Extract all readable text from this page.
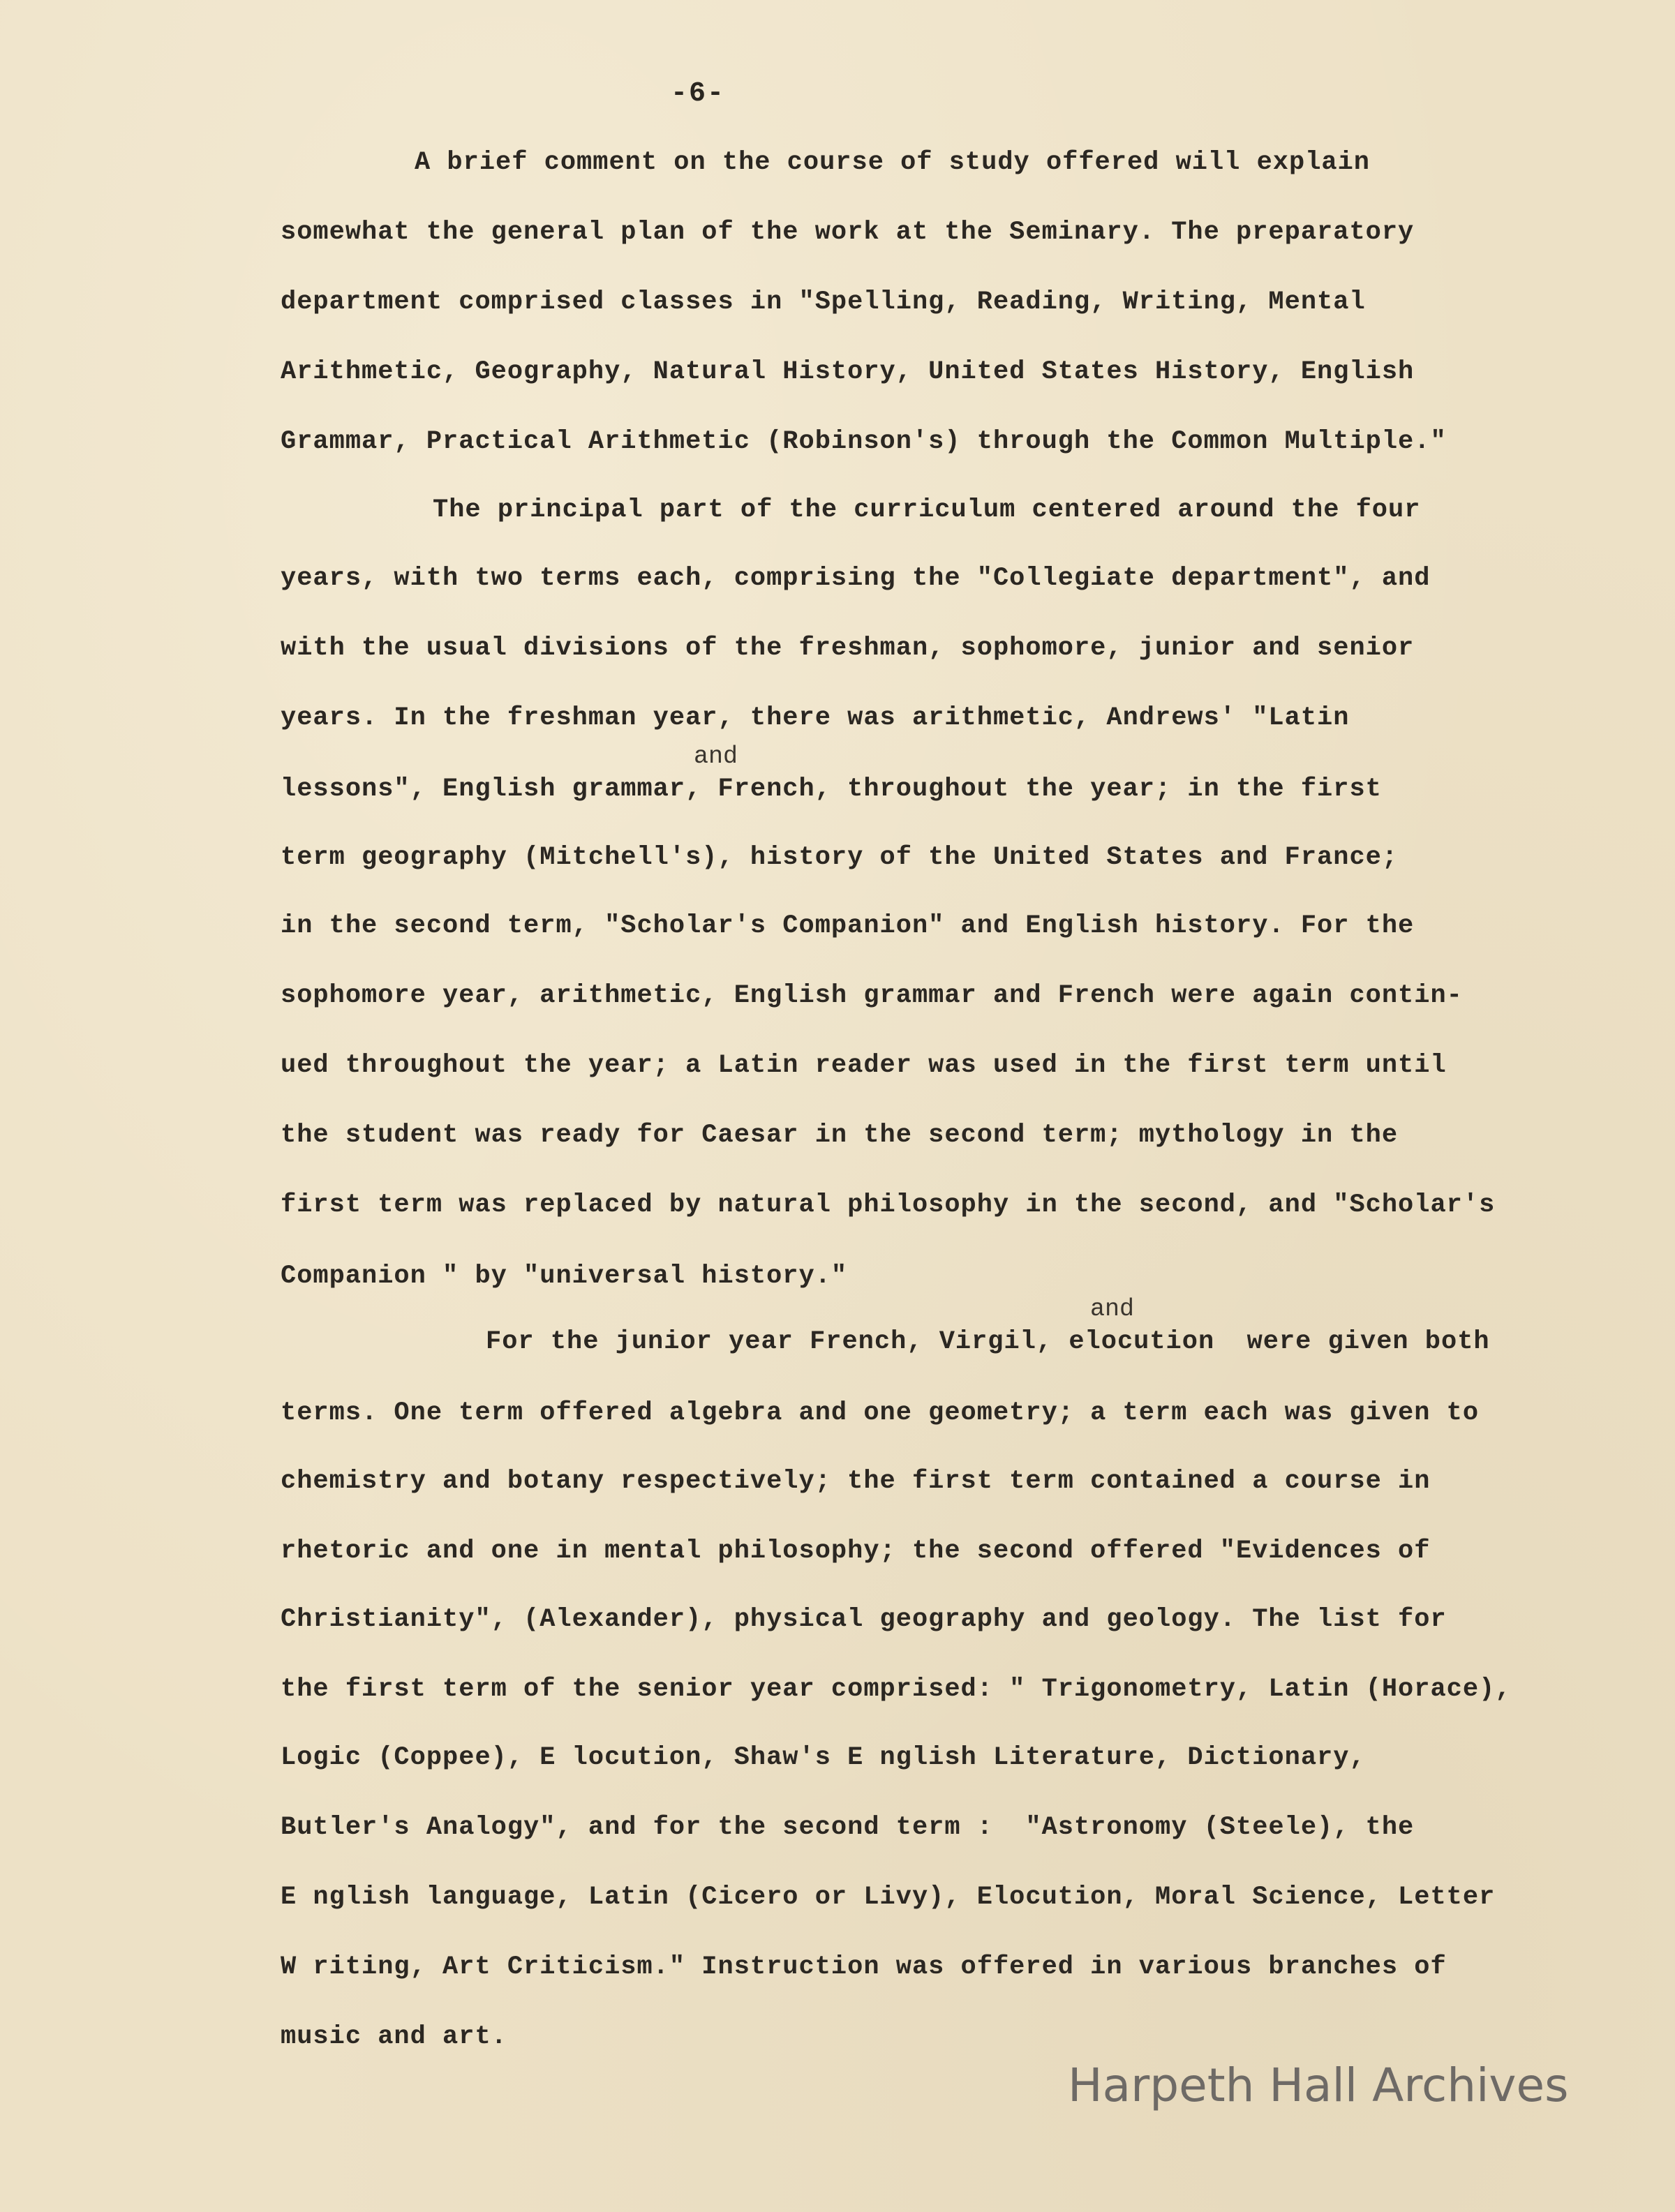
-6-
A brief comment on the course of study offered will explain
somewhat the general plan of the work at the Seminary. The preparatory
department comprised classes in "Spelling, Reading, Writing, Mental
Arithmetic, Geography, Natural History, United States History, English
Grammar, Practical Arithmetic (Robinson's) through the Common Multiple."
The principal part of the curriculum centered around the four
years, with two terms each, comprising the "Collegiate department", and
with the usual divisions of the freshman, sophomore, junior and senior
years. In the freshman year, there was arithmetic, Andrews' "Latin
and
lessons", English grammar, French, throughout the year; in the first
term geography (Mitchell's), history of the United States and France;
in the second term, "Scholar's Companion" and English history. For the
sophomore year, arithmetic, English grammar and French were again contin-
ued throughout the year; a Latin reader was used in the first term until
the student was ready for Caesar in the second term; mythology in the
first term was replaced by natural philosophy in the second, and "Scholar's
Companion " by "universal history."
and
For the junior year French, Virgil, elocution  were given both
terms. One term offered algebra and one geometry; a term each was given to
chemistry and botany respectively; the first term contained a course in
rhetoric and one in mental philosophy; the second offered "Evidences of
Christianity", (Alexander), physical geography and geology. The list for
the first term of the senior year comprised: " Trigonometry, Latin (Horace),
Logic (Coppee), E locution, Shaw's E nglish Literature, Dictionary,
Butler's Analogy", and for the second term :  "Astronomy (Steele), the
E nglish language, Latin (Cicero or Livy), Elocution, Moral Science, Letter
W riting, Art Criticism." Instruction was offered in various branches of
music and art.
Harpeth Hall Archives
